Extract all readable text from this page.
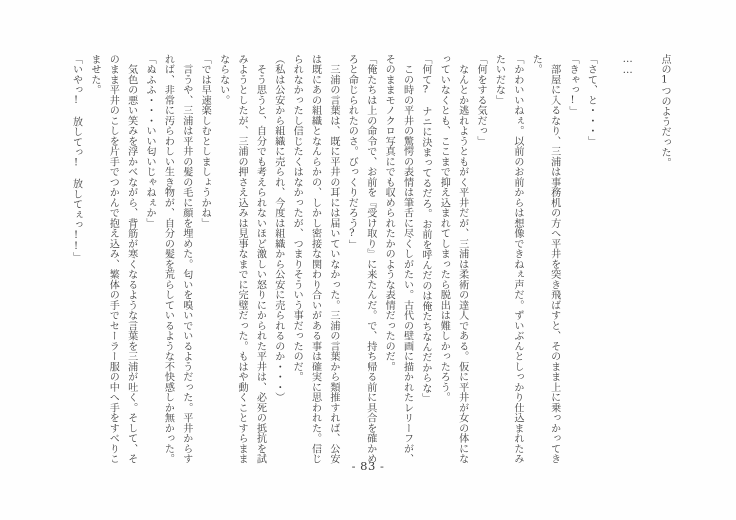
点の1つのようだった。
……
「さて、と・・・」
「きゃっ!」
　部屋に入るなり、三浦は事務机の方へ平井を突き飛ばすと、そのまま上に乗っかってき
た。
「かわいいねぇ。以前のお前からは想像できねぇ声だ。ずいぶんとしっかり仕込まれたみ
たいだな」
「何をする気だっ」
　なんとか逃れようともがく平井だが、三浦は柔術の達人である。仮に平井が女の体にな
っていなくとも、ここまで抑え込まれてしまったら脱出は難しかったろう。
「何て?　ナニに決まってるだろ。お前を呼んだのは俺たちなんだからな」
　この時の平井の驚愕の表情は筆舌に尽くしがたい。古代の壁画に描かれたレリーフが、
そのままモノクロ写真にでも収められたかのような表情だったのだ。
「俺たちは上の命令で、お前を『受け取り』に来たんだ。で、持ち帰る前に具合を確かめ
ろと命じられたのさ。びっくりだろう?」
　三浦の言葉は、既に平井の耳には届いていなかった。三浦の言葉から類推すれば、公安
は既にあの組織となんらかの、しかし密接な関わり合いがある事は確実に思われた。信じ
られなかったし信じたくはなかったが、つまりそういう事だったのだ。
（私は公安から組織に売られ、今度は組織から公安に売られるのか・・・）
　そう思うと、自分でも考えられないほど激しい怒りにかられた平井は、必死の抵抗を試
みようとしたが、三浦の押さえ込みは見事なまでに完璧だった。もはや動くことすらまま
ならない。
「では早速楽しむとしましょうかね」
　言うや、三浦は平井の髪の毛に顔を埋めた。匂いを嗅いでいるようだった。平井からす
れば、非常に汚らわしい生き物が、自分の髪を荒らしているような不快感しか無かった。
「ぬふふ・・・いい匂いじゃねぇか」
　気色の悪い笑みを浮かべながら、背筋が寒くなるような言葉を三浦が吐く。そして、そ
のまま平井のこしを片手でつかんで抱え込み、繁体の手でセーラー服の中へ手をすべりこ
ませた。
「いやっ!　放してっ!　放してぇっ!!」
- 83 -
